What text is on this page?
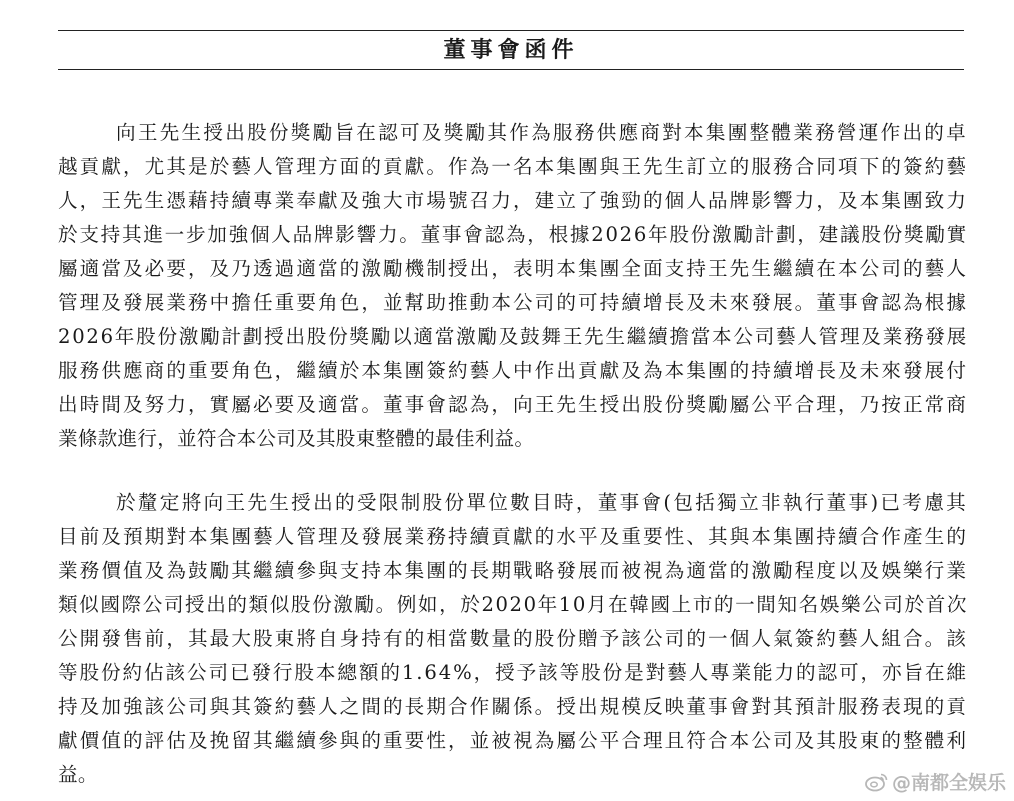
董事會函件
向王先生授出股份獎勵旨在認可及獎勵其作為服務供應商對本集團整體業務營運作出的卓
越貢獻，尤其是於藝人管理方面的貢獻。作為一名本集團與王先生訂立的服務合同項下的簽約藝
人，王先生憑藉持續專業奉獻及強大市場號召力，建立了強勁的個人品牌影響力，及本集團致力
於支持其進一步加強個人品牌影響力。董事會認為，根據2026年股份激勵計劃，建議股份獎勵實
屬適當及必要，及乃透過適當的激勵機制授出，表明本集團全面支持王先生繼續在本公司的藝人
管理及發展業務中擔任重要角色，並幫助推動本公司的可持續增長及未來發展。董事會認為根據
2026年股份激勵計劃授出股份獎勵以適當激勵及鼓舞王先生繼續擔當本公司藝人管理及業務發展
服務供應商的重要角色，繼續於本集團簽約藝人中作出貢獻及為本集團的持續增長及未來發展付
出時間及努力，實屬必要及適當。董事會認為，向王先生授出股份獎勵屬公平合理，乃按正常商
業條款進行，並符合本公司及其股東整體的最佳利益。
於釐定將向王先生授出的受限制股份單位數目時，董事會(包括獨立非執行董事)已考慮其
目前及預期對本集團藝人管理及發展業務持續貢獻的水平及重要性、其與本集團持續合作產生的
業務價值及為鼓勵其繼續參與支持本集團的長期戰略發展而被視為適當的激勵程度以及娛樂行業
類似國際公司授出的類似股份激勵。例如，於2020年10月在韓國上市的一間知名娛樂公司於首次
公開發售前，其最大股東將自身持有的相當數量的股份贈予該公司的一個人氣簽約藝人組合。該
等股份約佔該公司已發行股本總額的1.64%，授予該等股份是對藝人專業能力的認可，亦旨在維
持及加強該公司與其簽約藝人之間的長期合作關係。授出規模反映董事會對其預計服務表現的貢
獻價值的評估及挽留其繼續參與的重要性，並被視為屬公平合理且符合本公司及其股東的整體利
益。	@南都全娱乐
